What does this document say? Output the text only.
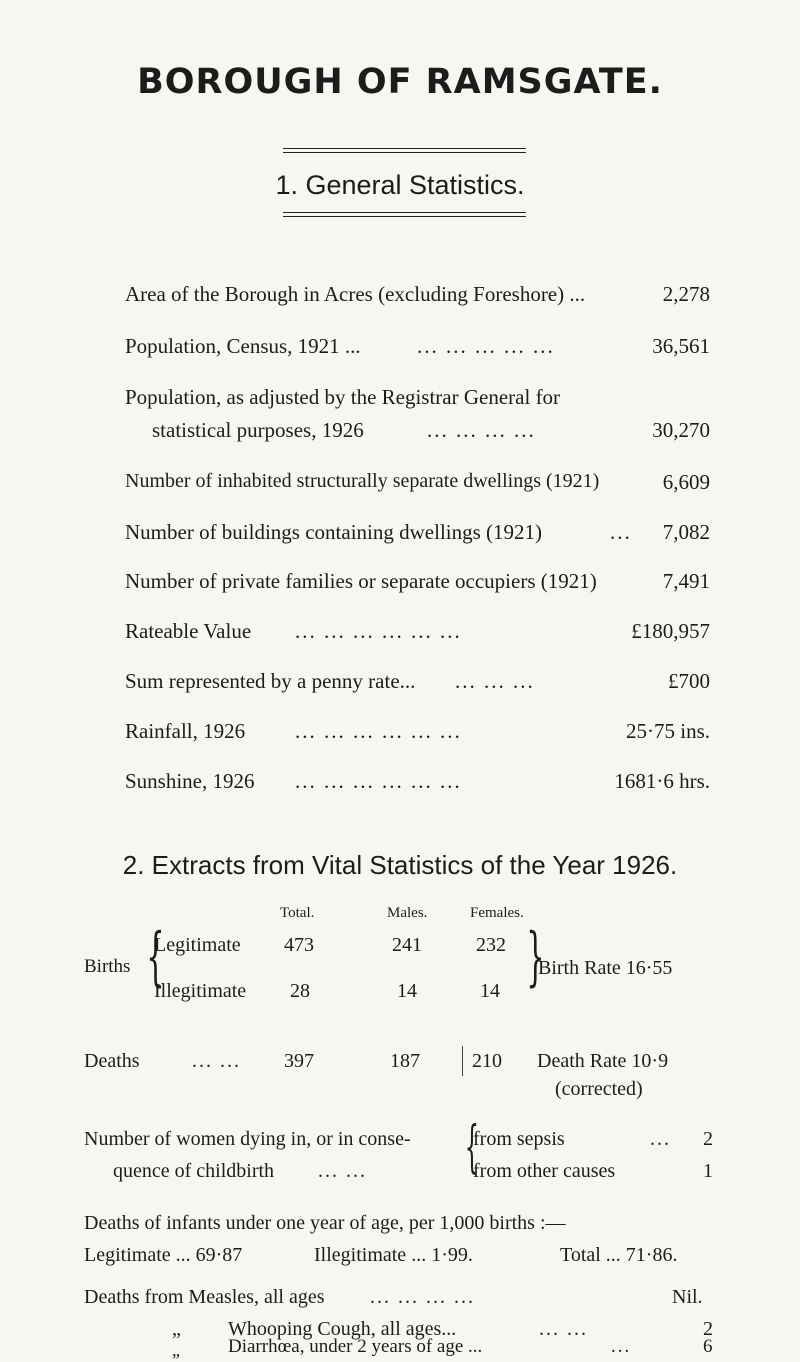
BOROUGH OF RAMSGATE.
1. General Statistics.
Area of the Borough in Acres (excluding Foreshore) ...	2,278
Population, Census, 1921 ...	... ... ... ... ...	36,561
Population, as adjusted by the Registrar General for
statistical purposes, 1926	... ... ... ...	30,270
Number of inhabited structurally separate dwellings (1921)	6,609
Number of buildings containing dwellings (1921)	... 7,082
Number of private families or separate occupiers (1921)	7,491
Rateable Value ... ... ... ... ... ...	£180,957
Sum represented by a penny rate... ... ... ...	£700
Rainfall, 1926 ... ... ... ... ... ...	25·75 ins.
Sunshine, 1926 ... ... ... ... ... ...	1681·6 hrs.
2. Extracts from Vital Statistics of the Year 1926.
Total.	Males.	Females.
Births {
Legitimate 473	241	232
Illegitimate 28	14	14 }
Birth Rate 16·55
Deaths	... ... 397	187	210 Death Rate 10·9
(corrected)
Number of women dying in, or in conse-
quence of childbirth ... ... {
from sepsis	... 2
from other causes	1
Deaths of infants under one year of age, per 1,000 births :—
Legitimate ... 69·87	Illegitimate ... 1·99.	Total ... 71·86.
Deaths from Measles, all ages ... ... ... ...	Nil.
„ Whooping Cough, all ages...	... ...	2
„	Diarrhœa, under 2 years of age ...	...	6
